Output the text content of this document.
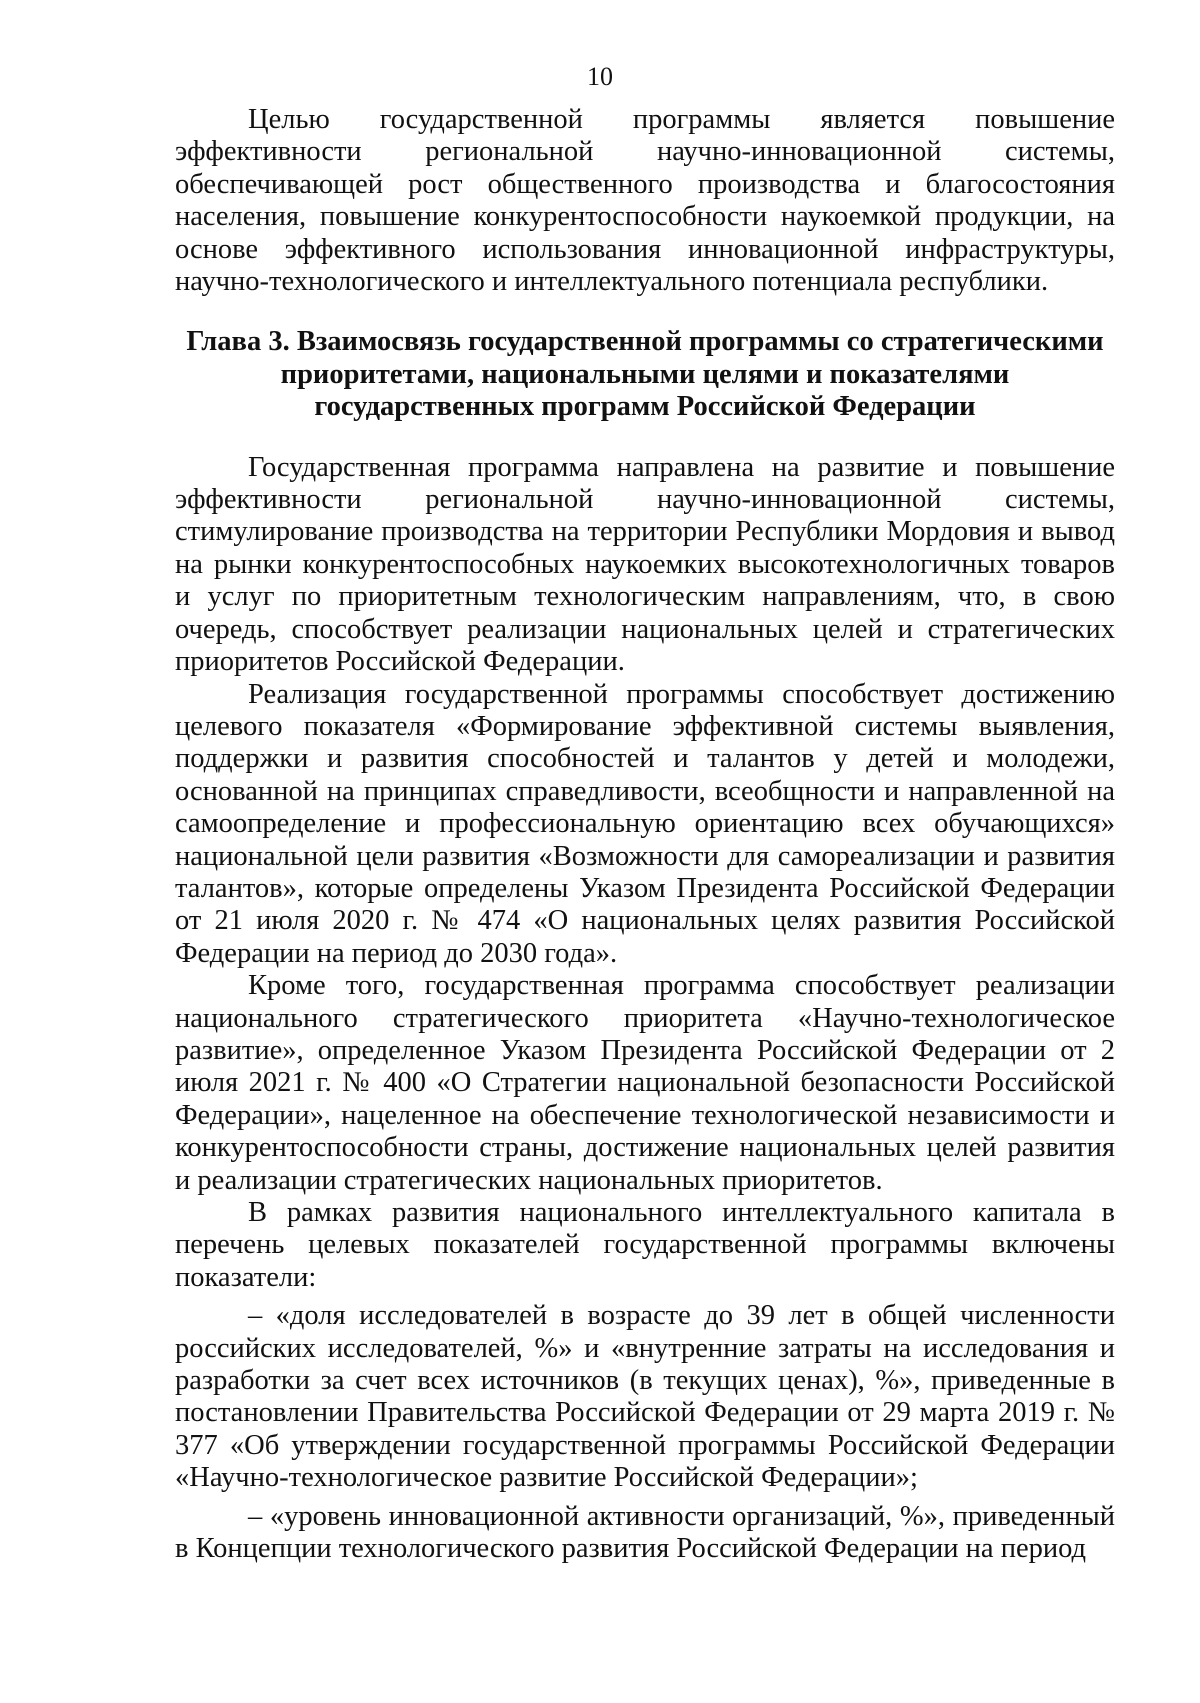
10

Целью государственной программы является повышение эффективности региональной научно-инновационной системы, обеспечивающей рост общественного производства и благосостояния населения, повышение конкурентоспособности наукоемкой продукции, на основе эффективного использования инновационной инфраструктуры, научно-технологического и интеллектуального потенциала республики.

Глава 3. Взаимосвязь государственной программы со стратегическими приоритетами, национальными целями и показателями государственных программ Российской Федерации

Государственная программа направлена на развитие и повышение эффективности региональной научно-инновационной системы, стимулирование производства на территории Республики Мордовия и вывод на рынки конкурентоспособных наукоемких высокотехнологичных товаров и услуг по приоритетным технологическим направлениям, что, в свою очередь, способствует реализации национальных целей и стратегических приоритетов Российской Федерации.

Реализация государственной программы способствует достижению целевого показателя «Формирование эффективной системы выявления, поддержки и развития способностей и талантов у детей и молодежи, основанной на принципах справедливости, всеобщности и направленной на самоопределение и профессиональную ориентацию всех обучающихся» национальной цели развития «Возможности для самореализации и развития талантов», которые определены Указом Президента Российской Федерации от 21 июля 2020 г. № 474 «О национальных целях развития Российской Федерации на период до 2030 года».

Кроме того, государственная программа способствует реализации национального стратегического приоритета «Научно-технологическое развитие», определенное Указом Президента Российской Федерации от 2 июля 2021 г. № 400 «О Стратегии национальной безопасности Российской Федерации», нацеленное на обеспечение технологической независимости и конкурентоспособности страны, достижение национальных целей развития и реализации стратегических национальных приоритетов.

В рамках развития национального интеллектуального капитала в перечень целевых показателей государственной программы включены показатели:

– «доля исследователей в возрасте до 39 лет в общей численности российских исследователей, %» и «внутренние затраты на исследования и разработки за счет всех источников (в текущих ценах), %», приведенные в постановлении Правительства Российской Федерации от 29 марта 2019 г. № 377 «Об утверждении государственной программы Российской Федерации «Научно-технологическое развитие Российской Федерации»;

– «уровень инновационной активности организаций, %», приведенный в Концепции технологического развития Российской Федерации на период
